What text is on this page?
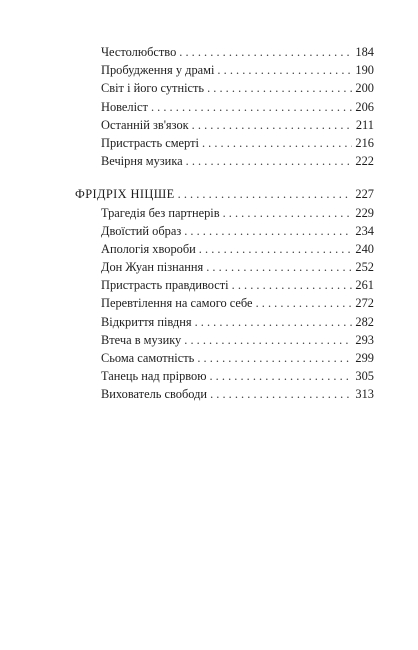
Честолюбство . . .	184
Пробудження у драмі . . .	190
Світ і його сутність . . .	200
Новеліст . . .	206
Останній зв'язок . . .	211
Пристрасть смерті . . .	216
Вечірня музика . . .	222
ФРІДРІХ НІЦШЕ . . .	227
Трагедія без партнерів . . .	229
Двоїстий образ . . .	234
Апологія хвороби . . .	240
Дон Жуан пізнання . . .	252
Пристрасть правдивості . . .	261
Перевтілення на самого себе . . .	272
Відкриття півдня . . .	282
Втеча в музику . . .	293
Сьома самотність . . .	299
Танець над прірвою . . .	305
Вихователь свободи . . .	313
